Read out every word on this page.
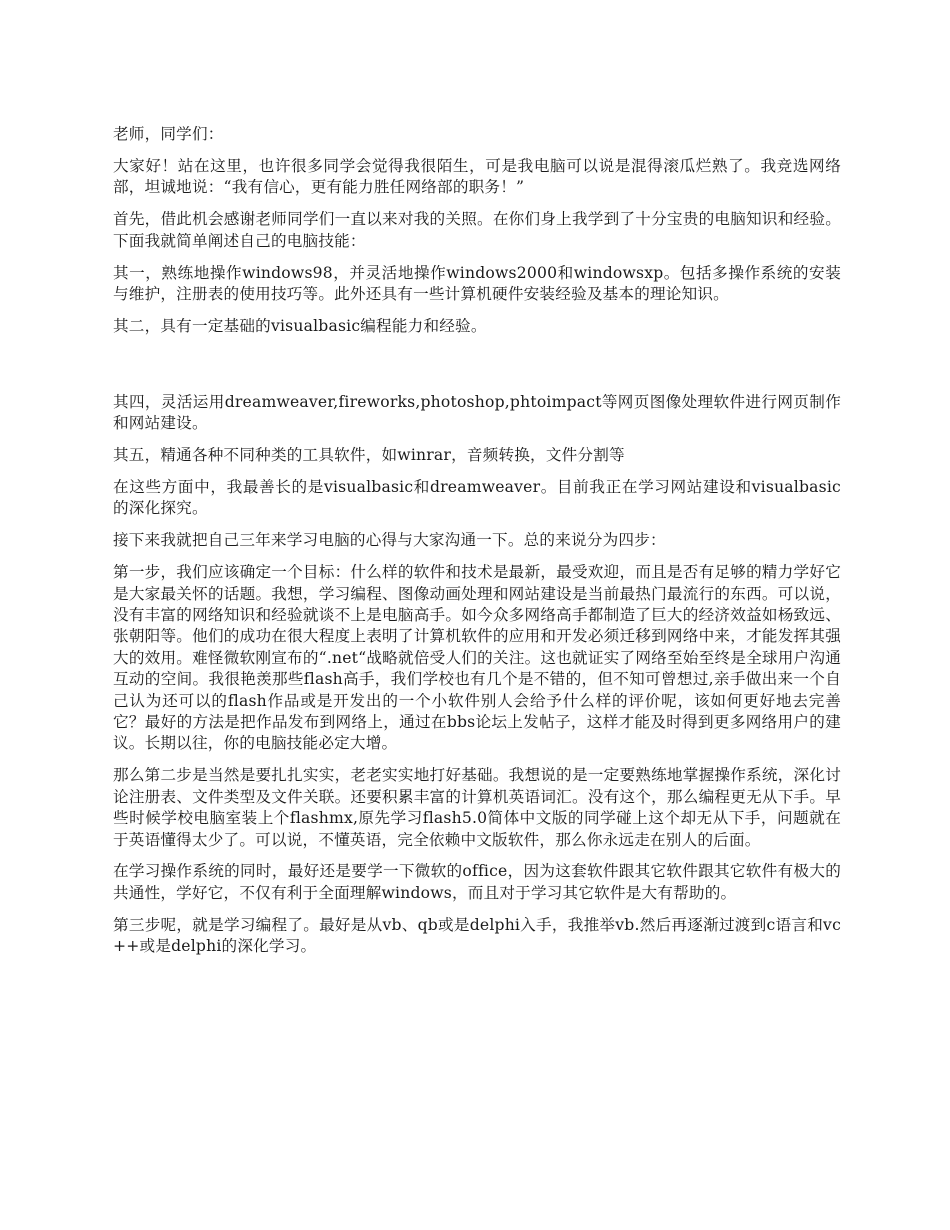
老师，同学们：

大家好！站在这里，也许很多同学会觉得我很陌生，可是我电脑可以说是混得滚瓜烂熟了。我竞选网络部，坦诚地说：“我有信心，更有能力胜任网络部的职务！”

首先，借此机会感谢老师同学们一直以来对我的关照。在你们身上我学到了十分宝贵的电脑知识和经验。下面我就简单阐述自己的电脑技能：

其一，熟练地操作windows98，并灵活地操作windows2000和windowsxp。包括多操作系统的安装与维护，注册表的使用技巧等。此外还具有一些计算机硬件安装经验及基本的理论知识。

其二，具有一定基础的visualbasic编程能力和经验。

其四，灵活运用dreamweaver,fireworks,photoshop,phtoimpact等网页图像处理软件进行网页制作和网站建设。

其五，精通各种不同种类的工具软件，如winrar，音频转换，文件分割等

在这些方面中，我最善长的是visualbasic和dreamweaver。目前我正在学习网站建设和visualbasic的深化探究。

接下来我就把自己三年来学习电脑的心得与大家沟通一下。总的来说分为四步：

第一步，我们应该确定一个目标：什么样的软件和技术是最新，最受欢迎，而且是否有足够的精力学好它是大家最关怀的话题。我想，学习编程、图像动画处理和网站建设是当前最热门最流行的东西。可以说，没有丰富的网络知识和经验就谈不上是电脑高手。如今众多网络高手都制造了巨大的经济效益如杨致远、张朝阳等。他们的成功在很大程度上表明了计算机软件的应用和开发必须迁移到网络中来，才能发挥其强大的效用。难怪微软刚宣布的“.net“战略就倍受人们的关注。这也就证实了网络至始至终是全球用户沟通互动的空间。我很艳羡那些flash高手，我们学校也有几个是不错的，但不知可曾想过,亲手做出来一个自己认为还可以的flash作品或是开发出的一个小软件别人会给予什么样的评价呢，该如何更好地去完善它？最好的方法是把作品发布到网络上，通过在bbs论坛上发帖子，这样才能及时得到更多网络用户的建议。长期以往，你的电脑技能必定大增。

那么第二步是当然是要扎扎实实，老老实实地打好基础。我想说的是一定要熟练地掌握操作系统，深化讨论注册表、文件类型及文件关联。还要积累丰富的计算机英语词汇。没有这个，那么编程更无从下手。早些时候学校电脑室装上个flashmx,原先学习flash5.0简体中文版的同学碰上这个却无从下手，问题就在于英语懂得太少了。可以说，不懂英语，完全依赖中文版软件，那么你永远走在别人的后面。

在学习操作系统的同时，最好还是要学一下微软的office，因为这套软件跟其它软件跟其它软件有极大的共通性，学好它，不仅有利于全面理解windows，而且对于学习其它软件是大有帮助的。

第三步呢，就是学习编程了。最好是从vb、qb或是delphi入手，我推举vb.然后再逐渐过渡到c语言和vc++或是delphi的深化学习。
